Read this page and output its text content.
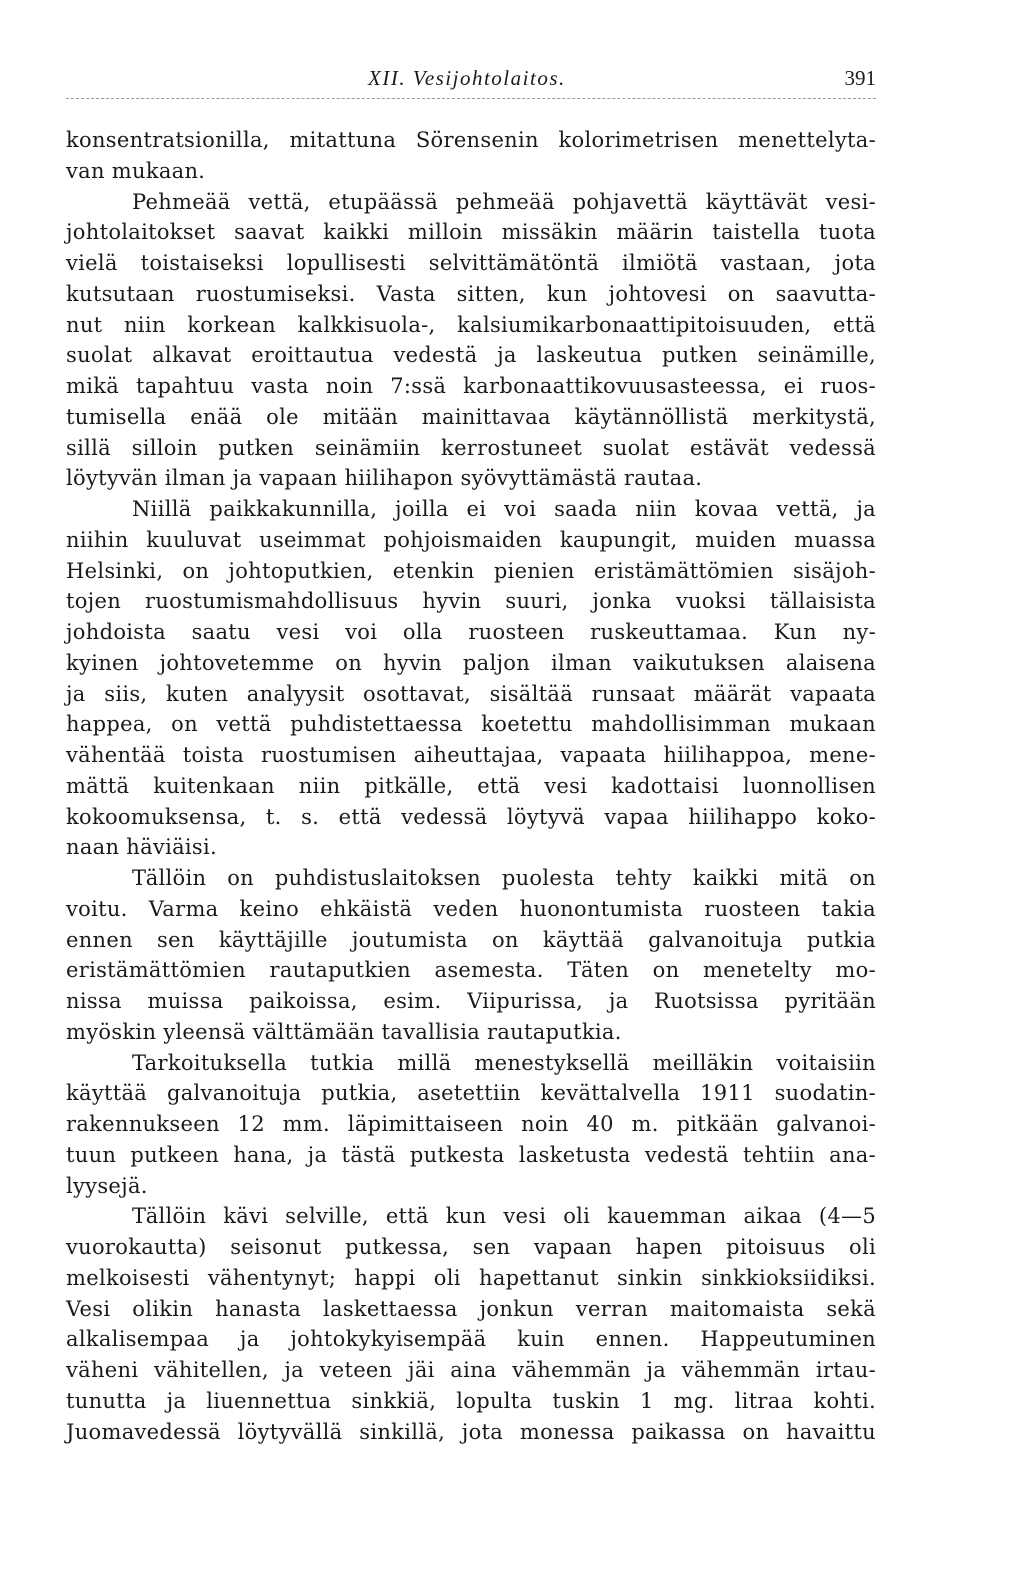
XII. Vesijohtolaitos.	391
konsentratsionilla, mitattuna Sörensenin kolorimetrisen menettelyta-
van mukaan.
Pehmeää vettä, etupäässä pehmeää pohjavettä käyttävät vesi-
johtolaitokset saavat kaikki milloin missäkin määrin taistella tuota
vielä toistaiseksi lopullisesti selvittämätöntä ilmiötä vastaan, jota
kutsutaan ruostumiseksi. Vasta sitten, kun johtovesi on saavutta-
nut niin korkean kalkkisuola-, kalsiumikarbonaattipitoisuuden, että
suolat alkavat eroittautua vedestä ja laskeutua putken seinämille,
mikä tapahtuu vasta noin 7:ssä karbonaattikovuusasteessa, ei ruos-
tumisella enää ole mitään mainittavaa käytännöllistä merkitystä,
sillä silloin putken seinämiin kerrostuneet suolat estävät vedessä
löytyvän ilman ja vapaan hiilihapon syövyttämästä rautaa.
Niillä paikkakunnilla, joilla ei voi saada niin kovaa vettä, ja
niihin kuuluvat useimmat pohjoismaiden kaupungit, muiden muassa
Helsinki, on johtoputkien, etenkin pienien eristämättömien sisäjoh-
tojen ruostumismahdollisuus hyvin suuri, jonka vuoksi tällaisista
johdoista saatu vesi voi olla ruosteen ruskeuttamaa. Kun ny-
kyinen johtovetemme on hyvin paljon ilman vaikutuksen alaisena
ja siis, kuten analyysit osottavat, sisältää runsaat määrät vapaata
happea, on vettä puhdistettaessa koetettu mahdollisimman mukaan
vähentää toista ruostumisen aiheuttajaa, vapaata hiilihappoa, mene-
mättä kuitenkaan niin pitkälle, että vesi kadottaisi luonnollisen
kokoomuksensa, t. s. että vedessä löytyvä vapaa hiilihappo koko-
naan häviäisi.
Tällöin on puhdistuslaitoksen puolesta tehty kaikki mitä on
voitu. Varma keino ehkäistä veden huonontumista ruosteen takia
ennen sen käyttäjille joutumista on käyttää galvanoituja putkia
eristämättömien rautaputkien asemesta. Täten on menetelty mo-
nissa muissa paikoissa, esim. Viipurissa, ja Ruotsissa pyritään
myöskin yleensä välttämään tavallisia rautaputkia.
Tarkoituksella tutkia millä menestyksellä meilläkin voitaisiin
käyttää galvanoituja putkia, asetettiin kevättalvella 1911 suodatin-
rakennukseen 12 mm. läpimittaiseen noin 40 m. pitkään galvanoi-
tuun putkeen hana, ja tästä putkesta lasketusta vedestä tehtiin ana-
lyysejä.
Tällöin kävi selville, että kun vesi oli kauemman aikaa (4—5
vuorokautta) seisonut putkessa, sen vapaan hapen pitoisuus oli
melkoisesti vähentynyt; happi oli hapettanut sinkin sinkkioksiidiksi.
Vesi olikin hanasta laskettaessa jonkun verran maitomaista sekä
alkalisempaa ja johtokykyisempää kuin ennen. Happeutuminen
väheni vähitellen, ja veteen jäi aina vähemmän ja vähemmän irtau-
tunutta ja liuennettua sinkkiä, lopulta tuskin 1 mg. litraa kohti.
Juomavedessä löytyvällä sinkillä, jota monessa paikassa on havaittu
